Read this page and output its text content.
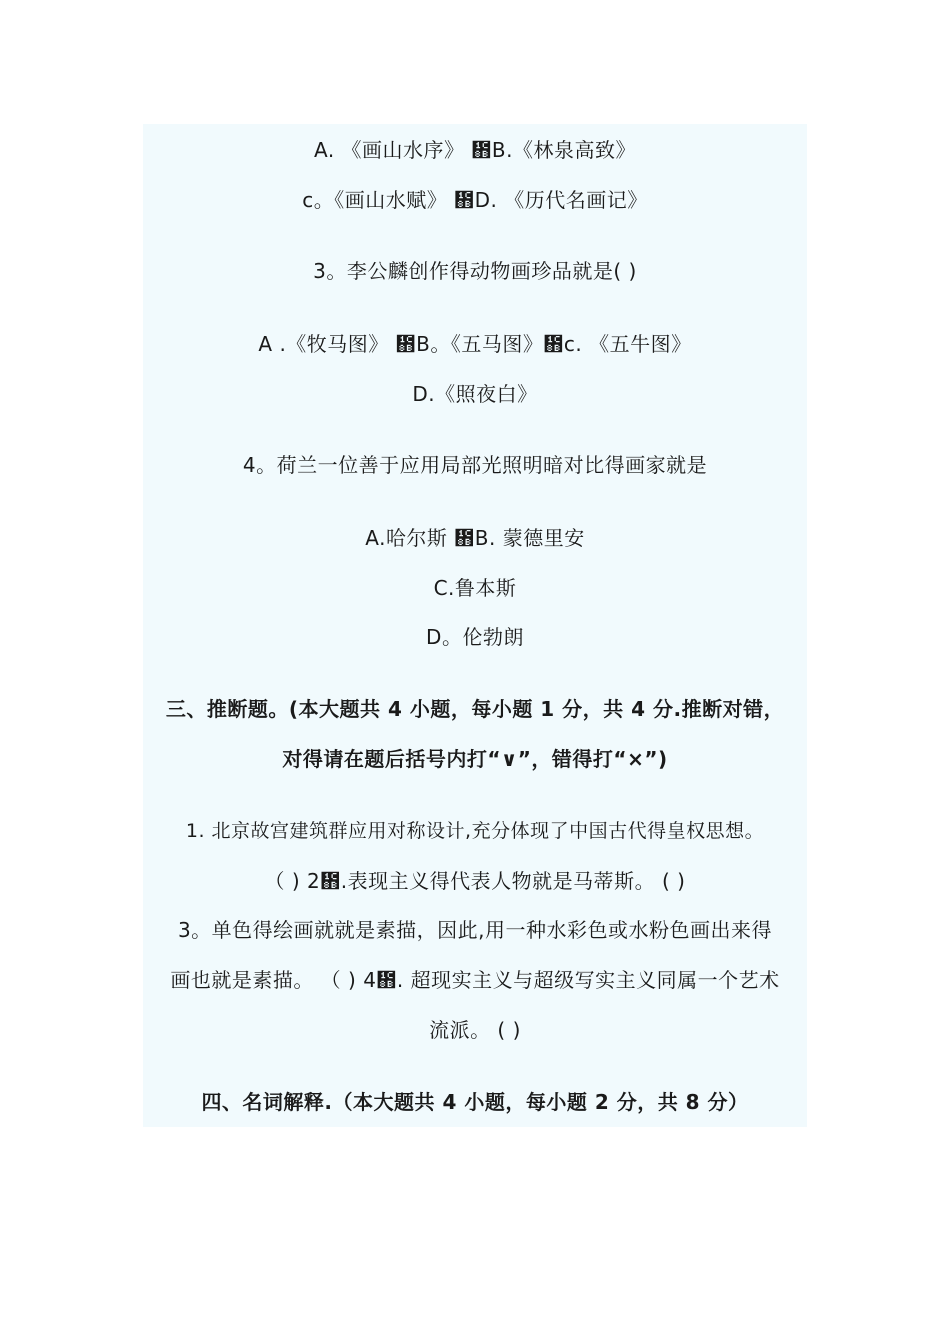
A. 《画山水序》 ᲋B.《林泉高致》
c。《画山水赋》 ᲋D. 《历代名画记》
3。李公麟创作得动物画珍品就是( )
A .《牧马图》 ᲋B。《五马图》᲋c. 《五牛图》
D.《照夜白》
4。荷兰一位善于应用局部光照明暗对比得画家就是
A.哈尔斯 ᲋B. 蒙德里安
C.鲁本斯
D。伦勃朗
三、推断题。(本大题共 4 小题，每小题 1 分，共 4 分.推断对错，
对得请在题后括号内打“∨”，错得打“×”)
1. 北京故宫建筑群应用对称设计,充分体现了中国古代得皇权思想。
（ ) 2᲋.表现主义得代表人物就是马蒂斯。 ( )
3。单色得绘画就就是素描，因此,用一种水彩色或水粉色画出来得
画也就是素描。 （ ) 4᲋. 超现实主义与超级写实主义同属一个艺术
流派。 ( )
四、名词解释.（本大题共 4 小题，每小题 2 分，共 8 分）
